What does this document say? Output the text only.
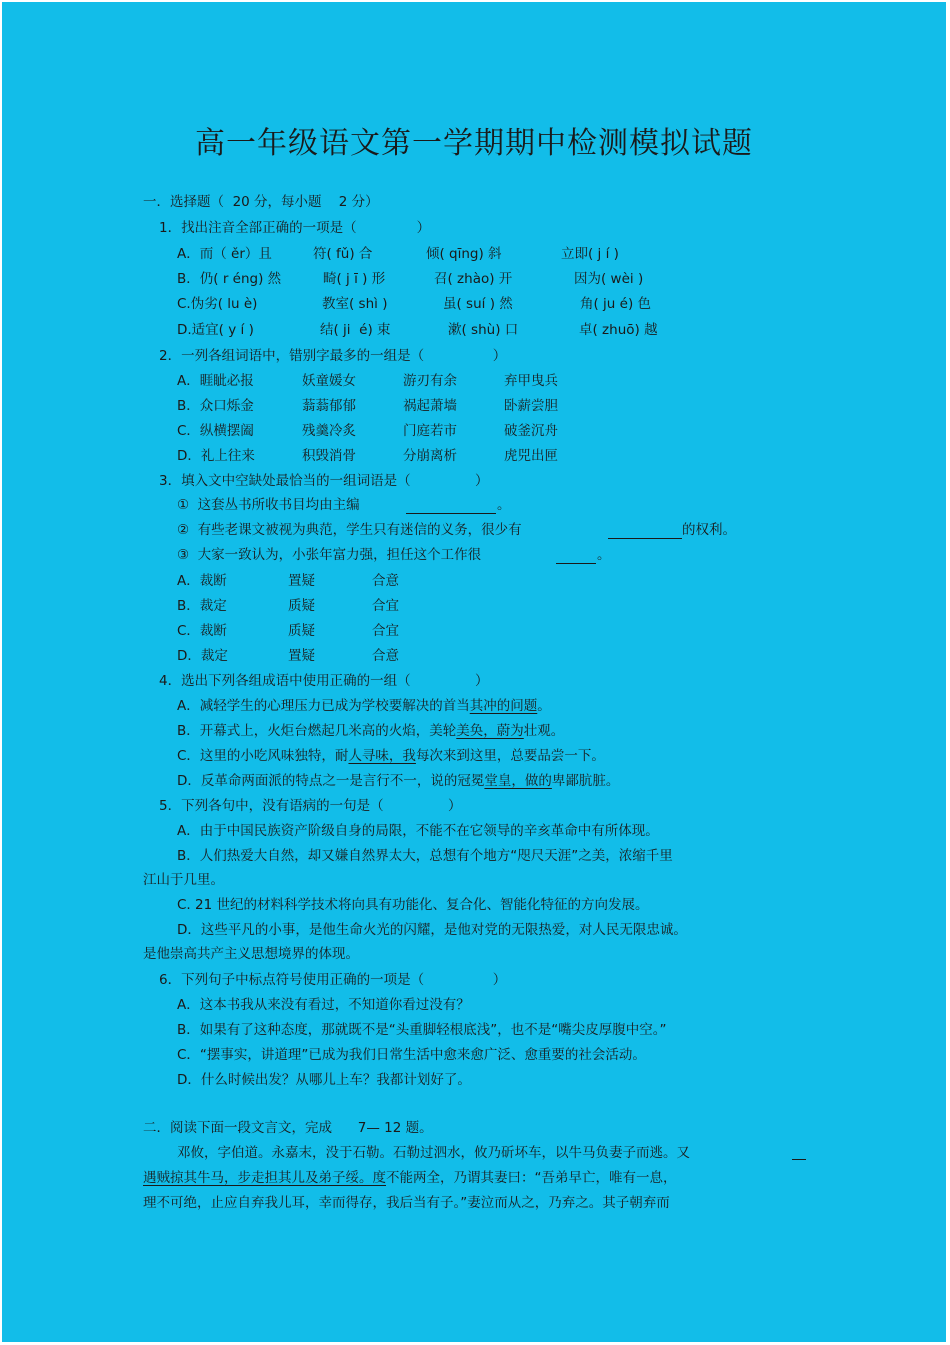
高一年级语文第一学期期中检测模拟试题
一．选择题（  20 分，每小题    2 分）
1．找出注音全部正确的一项是（              ）
A．而（ ěr）且	符( fǔ) 合	倾( qīng) 斜	立即( j í )
B．仍( r éng) 然	畸( j ī ) 形	召( zhào) 开	因为( wèi )
C.伪劣( lu è)	教室( shì )	虽( suí ) 然	角( ju é) 色
D.适宜( y í )	结( ji  é) 束	漱( shù) 口	卓( zhuō) 越
2．一列各组词语中，错别字最多的一组是（                ）
A．睚眦必报	妖童媛女	游刃有余	弃甲曳兵
B．众口烁金	蓊蓊郁郁	祸起萧墙	卧薪尝胆
C．纵横摆阖	残羹冷炙	门庭若市	破釜沉舟
D．礼上往来	积毁消骨	分崩离析	虎兕出匣
3．填入文中空缺处最恰当的一组词语是（               ）
①  这套丛书所收书目均由主编	。
②  有些老课文被视为典范，学生只有迷信的义务，很少有	的权利。
③  大家一致认为，小张年富力强，担任这个工作很	。
A．裁断	置疑	合意
B．裁定	质疑	合宜
C．裁断	质疑	合宜
D．裁定	置疑	合意
4．选出下列各组成语中使用正确的一组（               ）
A．减轻学生的心理压力已成为学校要解决的首当其冲的问题。
B．开幕式上，火炬台燃起几米高的火焰，美轮美奂，蔚为壮观。
C．这里的小吃风味独特，耐人寻味，我每次来到这里，总要品尝一下。
D．反革命两面派的特点之一是言行不一，说的冠冕堂皇，做的卑鄙肮脏。
5．下列各句中，没有语病的一句是（               ）
A．由于中国民族资产阶级自身的局限，不能不在它领导的辛亥革命中有所体现。
B．人们热爱大自然，却又嫌自然界太大，总想有个地方“咫尺天涯”之美，浓缩千里
江山于几里。
C. 21 世纪的材料科学技术将向具有功能化、复合化、智能化特征的方向发展。
D．这些平凡的小事，是他生命火光的闪耀，是他对党的无限热爱，对人民无限忠诚。
是他崇高共产主义思想境界的体现。
6．下列句子中标点符号使用正确的一项是（                ）
A．这本书我从来没有看过，不知道你看过没有？
B．如果有了这种态度，那就既不是“头重脚轻根底浅”，也不是“嘴尖皮厚腹中空。”
C．“摆事实，讲道理”已成为我们日常生活中愈来愈广泛、愈重要的社会活动。
D．什么时候出发？从哪儿上车？我都计划好了。
二．阅读下面一段文言文，完成      7— 12 题。
邓攸，字伯道。永嘉末，没于石勒。石勒过泗水，攸乃斫坏车，以牛马负妻子而逃。又
遇贼掠其牛马，步走担其儿及弟子绥。度不能两全，乃谓其妻曰：“吾弟早亡，唯有一息，
理不可绝，止应自弃我儿耳，幸而得存，我后当有子。”妻泣而从之，乃弃之。其子朝弃而
